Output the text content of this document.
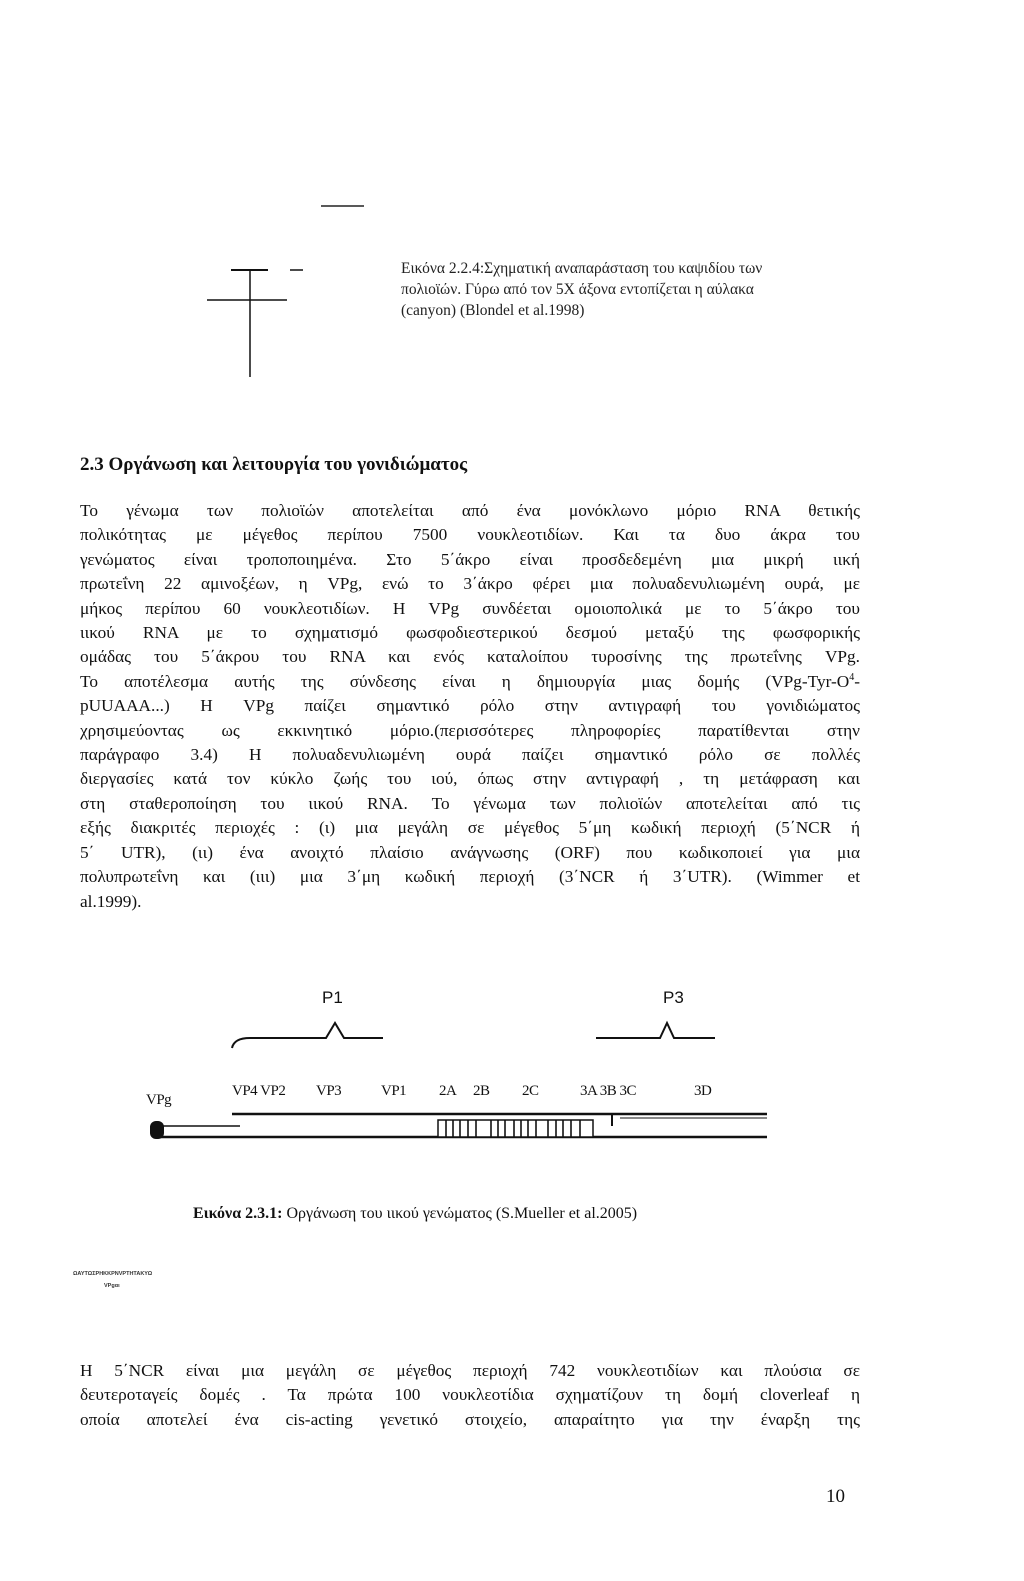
Εικόνα 2.2.4:Σχηματική αναπαράσταση του καψιδίου των
πολιοϊών. Γύρω από τον 5Χ άξονα εντοπίζεται η αύλακα
(canyon) (Blondel et al.1998)
2.3 Οργάνωση και λειτουργία του γονιδιώματος
Το γένωμα των πολιοϊών αποτελείται από ένα μονόκλωνο μόριο RNA θετικής
πολικότητας με μέγεθος περίπου 7500 νουκλεοτιδίων. Και τα δυο άκρα του
γενώματος είναι τροποποιημένα. Στο 5΄άκρο είναι προσδεδεμένη μια μικρή ιική
πρωτεΐνη 22 αμινοξέων, η VPg, ενώ το 3΄άκρο φέρει μια πολυαδενυλιωμένη ουρά, με
μήκος περίπου 60 νουκλεοτιδίων. Η VPg συνδέεται ομοιοπολικά με το 5΄άκρο του
ιικού RNA με το σχηματισμό φωσφοδιεστερικού δεσμού μεταξύ της φωσφορικής
ομάδας του 5΄άκρου του RNA και ενός καταλοίπου τυροσίνης της πρωτεΐνης VPg.
Το αποτέλεσμα αυτής της σύνδεσης είναι η δημιουργία μιας δομής ($VPg-Tyr-O^4-$
pUUAAA...) Η VPg παίζει σημαντικό ρόλο στην αντιγραφή του γονιδιώματος
χρησιμεύοντας ως εκκινητικό μόριο.(περισσότερες πληροφορίες παρατίθενται στην
παράγραφο 3.4) Η πολυαδενυλιωμένη ουρά παίζει σημαντικό ρόλο σε πολλές
διεργασίες κατά τον κύκλο ζωής του ιού, όπως στην αντιγραφή , τη μετάφραση και
στη σταθεροποίηση του ιικού RNA. Το γένωμα των πολιοϊών αποτελείται από τις
εξής διακριτές περιοχές : (ι) μια μεγάλη σε μέγεθος 5΄μη κωδική περιοχή (5΄NCR ή
5΄ UTR), (ιι) ένα ανοιχτό πλαίσιο ανάγνωσης (ORF) που κωδικοποιεί για μια
πολυπρωτεΐνη και (ιιι) μια 3΄μη κωδική περιοχή (3΄NCR ή 3΄UTR). (Wimmer et
al.1999).
P1	P3
VPg
VP4 VP2 VP3	VP1 2A 2B 2C	3A 3B 3C	3D
Εικόνα 2.3.1: Οργάνωση του ιικού γενώματος (S.Mueller et al.2005)
ΩΑΥΤΩΣΡΗΚΚΡΝVΡΤΗΤΑΚΥΩ
VPgαι
Η 5΄NCR είναι μια μεγάλη σε μέγεθος περιοχή 742 νουκλεοτιδίων και πλούσια σε
δευτεροταγείς δομές . Τα πρώτα 100 νουκλεοτίδια σχηματίζουν τη δομή cloverleaf η
οποία αποτελεί ένα cis-acting γενετικό στοιχείο, απαραίτητο για την έναρξη της
10
